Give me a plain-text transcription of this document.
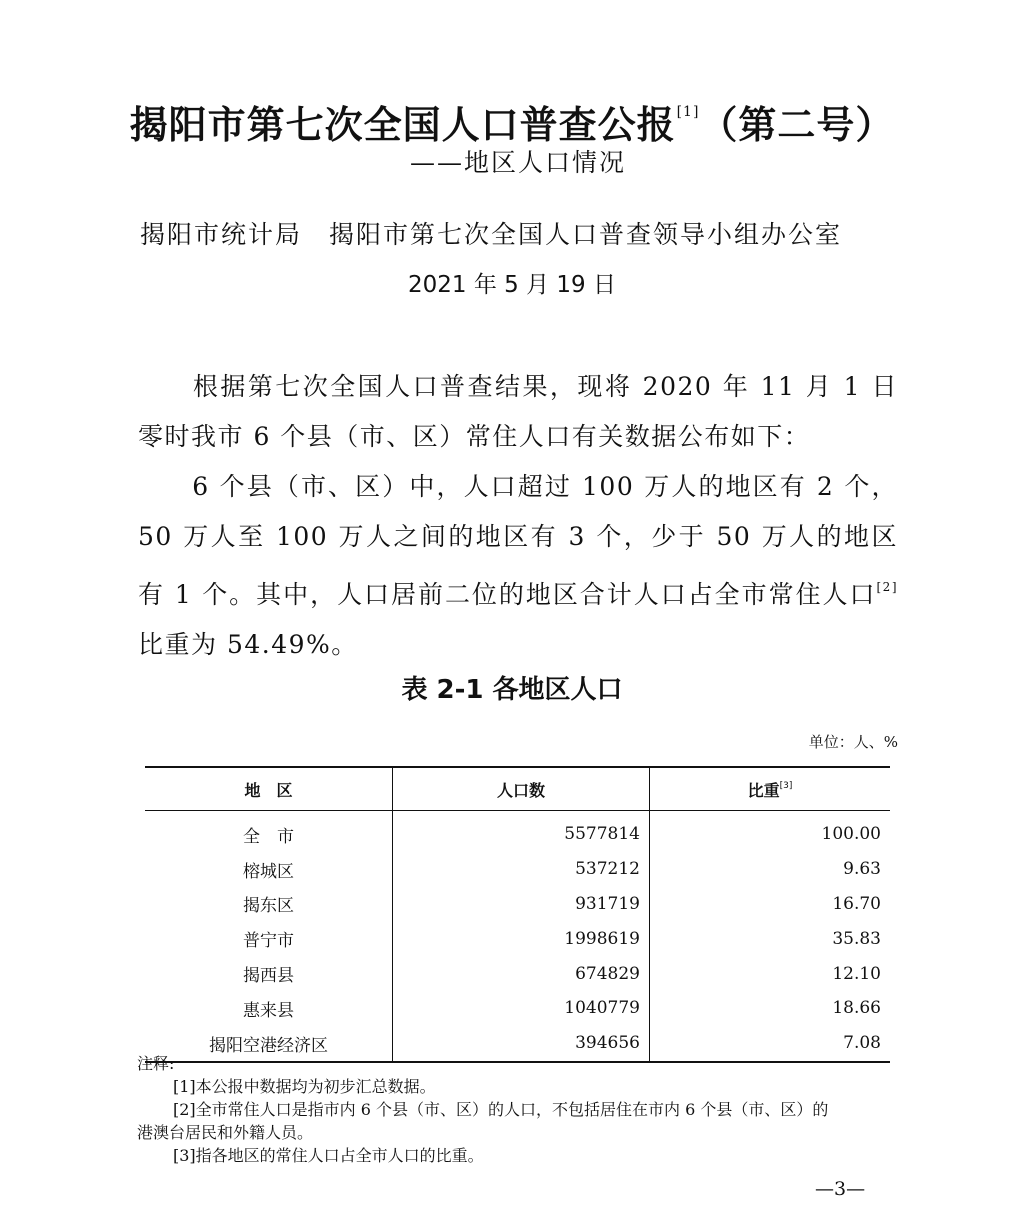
揭阳市第七次全国人口普查公报[1]（第二号）
——地区人口情况
揭阳市统计局　揭阳市第七次全国人口普查领导小组办公室
2021 年 5 月 19 日
　　根据第七次全国人口普查结果，现将 2020 年 11 月 1 日零时我市 6 个县（市、区）常住人口有关数据公布如下：
　　6 个县（市、区）中，人口超过 100 万人的地区有 2 个，50 万人至 100 万人之间的地区有 3 个，少于 50 万人的地区有 1 个。其中，人口居前二位的地区合计人口占全市常住人口[2]比重为 54.49%。
表 2-1 各地区人口
单位：人、%
地　区	人口数	比重[3]
全　市	5577814	100.00
榕城区	537212	9.63
揭东区	931719	16.70
普宁市	1998619	35.83
揭西县	674829	12.10
惠来县	1040779	18.66
揭阳空港经济区	394656	7.08
注释:
[1]本公报中数据均为初步汇总数据。
[2]全市常住人口是指市内 6 个县（市、区）的人口，不包括居住在市内 6 个县（市、区）的
港澳台居民和外籍人员。
[3]指各地区的常住人口占全市人口的比重。
—3—
